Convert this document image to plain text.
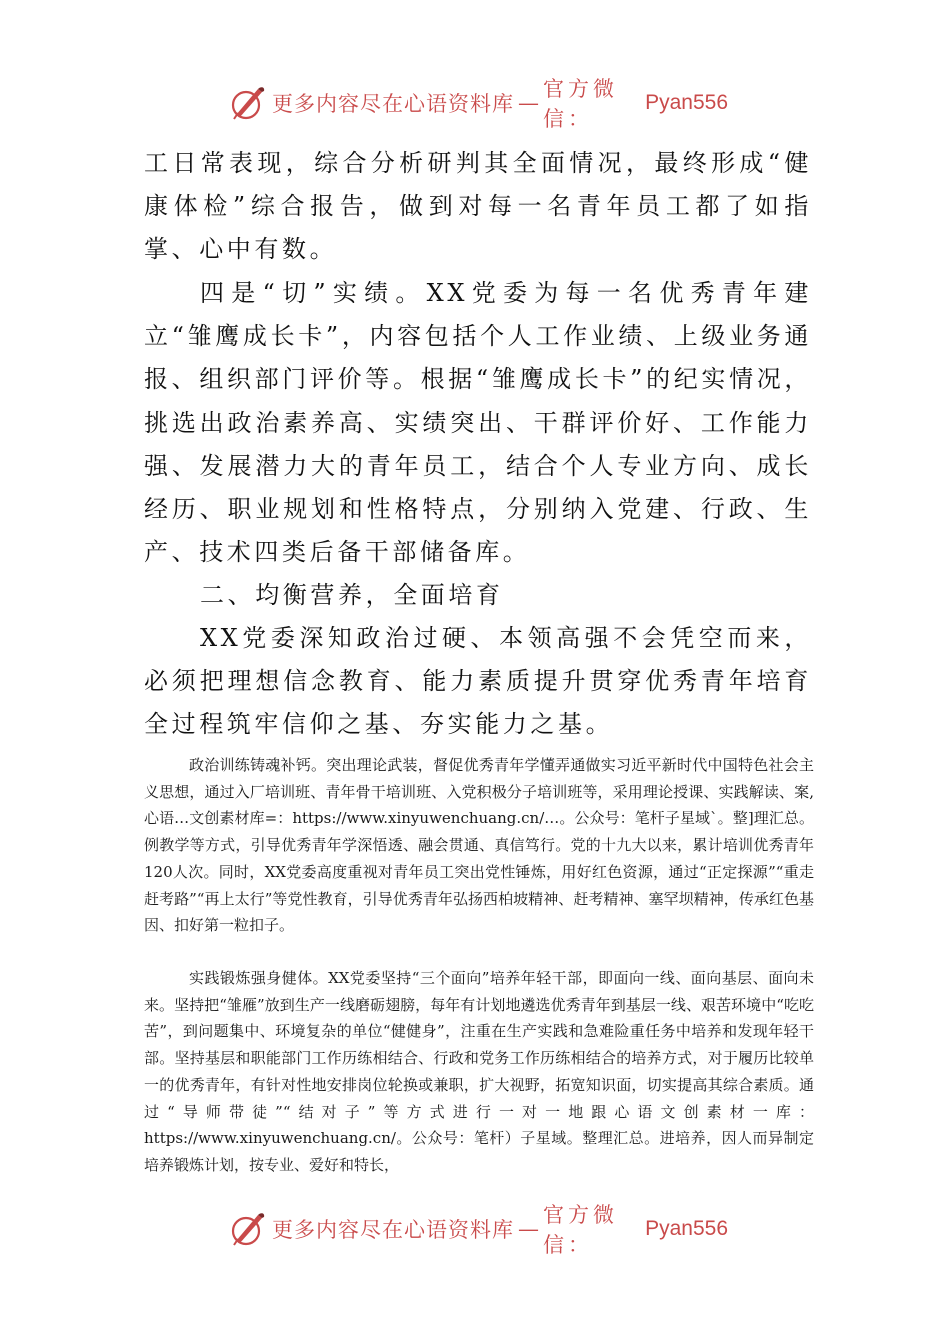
更多内容尽在心语资料库 —
官方微信：
Pyan556

工日常表现，综合分析研判其全面情况，最终形成“健康体检”综合报告，做到对每一名青年员工都了如指掌、心中有数。

四是“切”实绩。XX党委为每一名优秀青年建立“雏鹰成长卡”，内容包括个人工作业绩、上级业务通报、组织部门评价等。根据“雏鹰成长卡”的纪实情况，挑选出政治素养高、实绩突出、干群评价好、工作能力强、发展潜力大的青年员工，结合个人专业方向、成长经历、职业规划和性格特点，分别纳入党建、行政、生产、技术四类后备干部储备库。

二、均衡营养，全面培育

XX党委深知政治过硬、本领高强不会凭空而来，必须把理想信念教育、能力素质提升贯穿优秀青年培育全过程筑牢信仰之基、夯实能力之基。

政治训练铸魂补钙。突出理论武装，督促优秀青年学懂弄通做实习近平新时代中国特色社会主义思想，通过入厂培训班、青年骨干培训班、入党积极分子培训班等，采用理论授课、实践解读、案,心语…文创素材库=：https://www.xinyuwenchuang.cn/…。公众号：笔杆子星域`。整]理汇总。例教学等方式，引导优秀青年学深悟透、融会贯通、真信笃行。党的十九大以来，累计培训优秀青年120人次。同时，XX党委高度重视对青年员工突出党性锤炼，用好红色资源，通过“正定探源”“重走赶考路”“再上太行”等党性教育，引导优秀青年弘扬西柏坡精神、赶考精神、塞罕坝精神，传承红色基因、扣好第一粒扣子。

实践锻炼强身健体。XX党委坚持“三个面向”培养年轻干部，即面向一线、面向基层、面向未来。坚持把“雏雁”放到生产一线磨砺翅膀，每年有计划地遴选优秀青年到基层一线、艰苦环境中“吃吃苦”，到问题集中、环境复杂的单位“健健身”，注重在生产实践和急难险重任务中培养和发现年轻干部。坚持基层和职能部门工作历练相结合、行政和党务工作历练相结合的培养方式，对于履历比较单一的优秀青年，有针对性地安排岗位轮换或兼职，扩大视野，拓宽知识面，切实提高其综合素质。通过“导师带徒”“结对子”等方式进行一对一地跟心语文创素材一库：https://www.xinyuwenchuang.cn/。公众号：笔杆）子星域。整理汇总。进培养，因人而异制定培养锻炼计划，按专业、爱好和特长，

更多内容尽在心语资料库 —
官方微信：
Pyan556
